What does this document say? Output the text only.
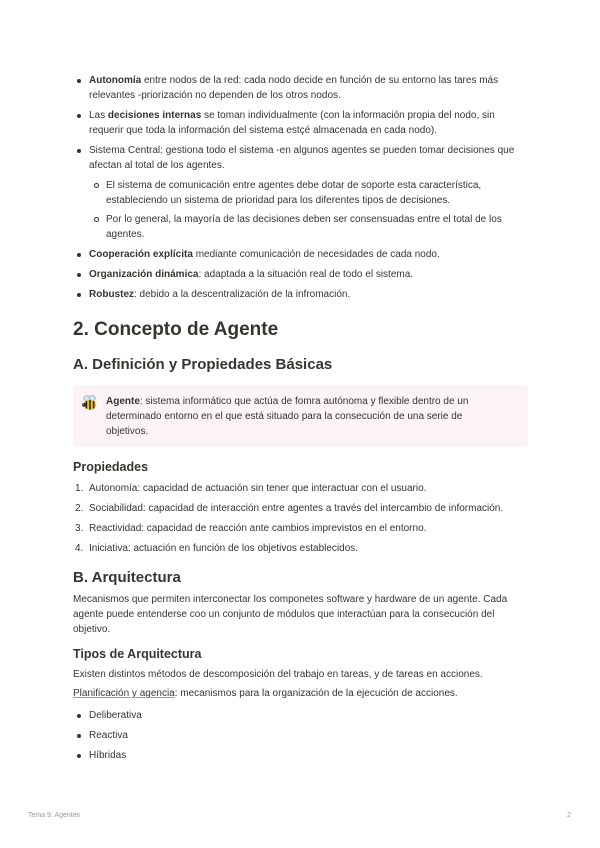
Autonomía entre nodos de la red: cada nodo decide en función de su entorno las tares más relevantes -priorización no dependen de los otros nodos.
Las decisiones internas se toman individualmente (con la información propia del nodo, sin requerir que toda la información del sistema estçé almacenada en cada nodo).
Sistema Central: gestiona todo el sistema -en algunos agentes se pueden tomar decisiones que afectan al total de los agentes.
El sistema de comunicación entre agentes debe dotar de soporte esta característica, estableciendo un sistema de prioridad para los diferentes tipos de decisiones.
Por lo general, la mayoría de las decisiones deben ser consensuadas entre el total de los agentes.
Cooperación explícita mediante comunicación de necesidades de cada nodo.
Organización dinámica: adaptada a la situación real de todo el sistema.
Robustez: debido a la descentralización de la infromación.
2. Concepto de Agente
A. Definición y Propiedades Básicas
Agente: sistema informático que actúa de fomra autónoma y flexible dentro de un determinado entorno en el que está situado para la consecución de una serie de objetivos.
Propiedades
1. Autonomía: capacidad de actuación sin tener que interactuar con el usuario.
2. Sociabilidad: capacidad de interacción entre agentes a través del intercambio de información.
3. Reactividad: capacidad de reacción ante cambios imprevistos en el entorno.
4. Iniciativa: actuación en función de los objetivos establecidos.
B. Arquitectura
Mecanismos que permiten interconectar los componetes software y hardware de un agente. Cada agente puede entenderse coo un conjunto de módulos que interactúan para la consecución del objetivo.
Tipos de Arquitectura
Existen distintos métodos de descomposición del trabajo en tareas, y de tareas en acciones.
Planificación y agencia: mecanismos para la organización de la ejecución de acciones.
Deliberativa
Reactiva
Híbridas
Tema 9: Agentes	2
